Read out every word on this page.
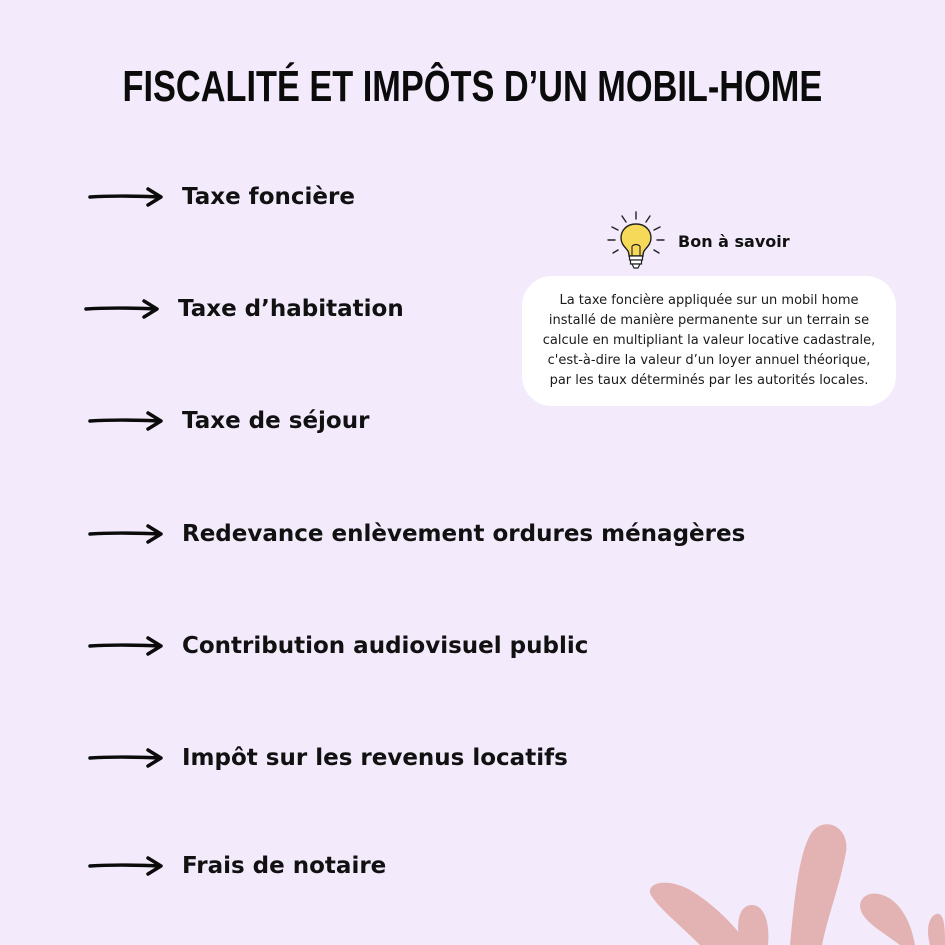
FISCALITÉ ET IMPÔTS D’UN MOBIL-HOME
Taxe foncière
Taxe d’habitation
Taxe de séjour
Redevance enlèvement ordures ménagères
Contribution audiovisuel public
Impôt sur les revenus locatifs
Frais de notaire
Bon à savoir
La taxe foncière appliquée sur un mobil home installé de manière permanente sur un terrain se calcule en multipliant la valeur locative cadastrale, c'est-à-dire la valeur d’un loyer annuel théorique, par les taux déterminés par les autorités locales.
